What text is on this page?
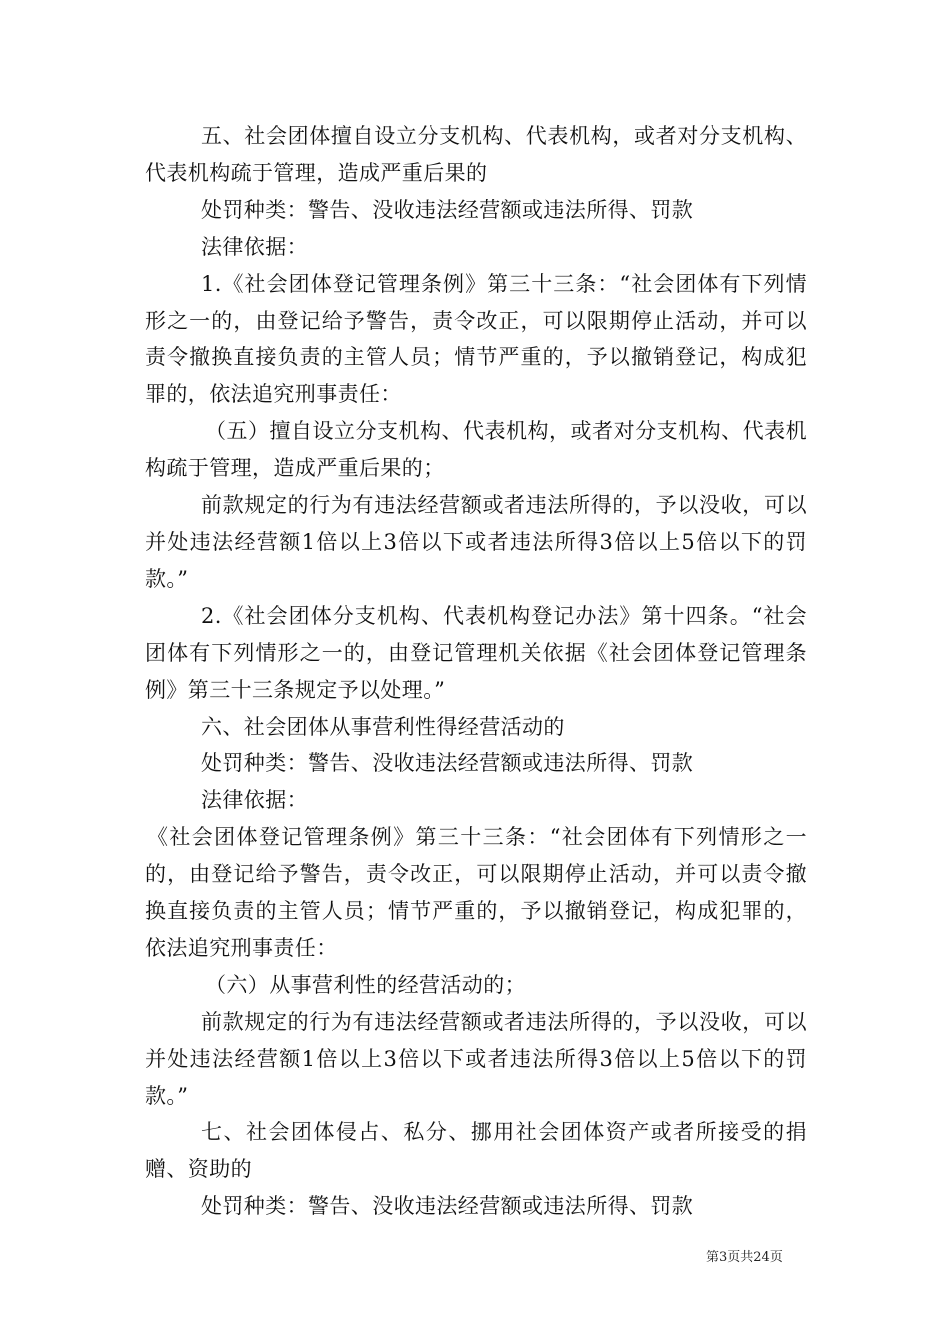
五、社会团体擅自设立分支机构、代表机构，或者对分支机构、代表机构疏于管理，造成严重后果的

处罚种类：警告、没收违法经营额或违法所得、罚款

法律依据：

1.《社会团体登记管理条例》第三十三条：“社会团体有下列情形之一的，由登记给予警告，责令改正，可以限期停止活动，并可以责令撤换直接负责的主管人员；情节严重的，予以撤销登记，构成犯罪的，依法追究刑事责任：

（五）擅自设立分支机构、代表机构，或者对分支机构、代表机构疏于管理，造成严重后果的；

前款规定的行为有违法经营额或者违法所得的，予以没收，可以并处违法经营额1倍以上3倍以下或者违法所得3倍以上5倍以下的罚款。”

2.《社会团体分支机构、代表机构登记办法》第十四条。“社会团体有下列情形之一的，由登记管理机关依据《社会团体登记管理条例》第三十三条规定予以处理。”

六、社会团体从事营利性得经营活动的

处罚种类：警告、没收违法经营额或违法所得、罚款

法律依据：

《社会团体登记管理条例》第三十三条：“社会团体有下列情形之一的，由登记给予警告，责令改正，可以限期停止活动，并可以责令撤换直接负责的主管人员；情节严重的，予以撤销登记，构成犯罪的，依法追究刑事责任：

（六）从事营利性的经营活动的；

前款规定的行为有违法经营额或者违法所得的，予以没收，可以并处违法经营额1倍以上3倍以下或者违法所得3倍以上5倍以下的罚款。”

七、社会团体侵占、私分、挪用社会团体资产或者所接受的捐赠、资助的

处罚种类：警告、没收违法经营额或违法所得、罚款

第3页共24页
